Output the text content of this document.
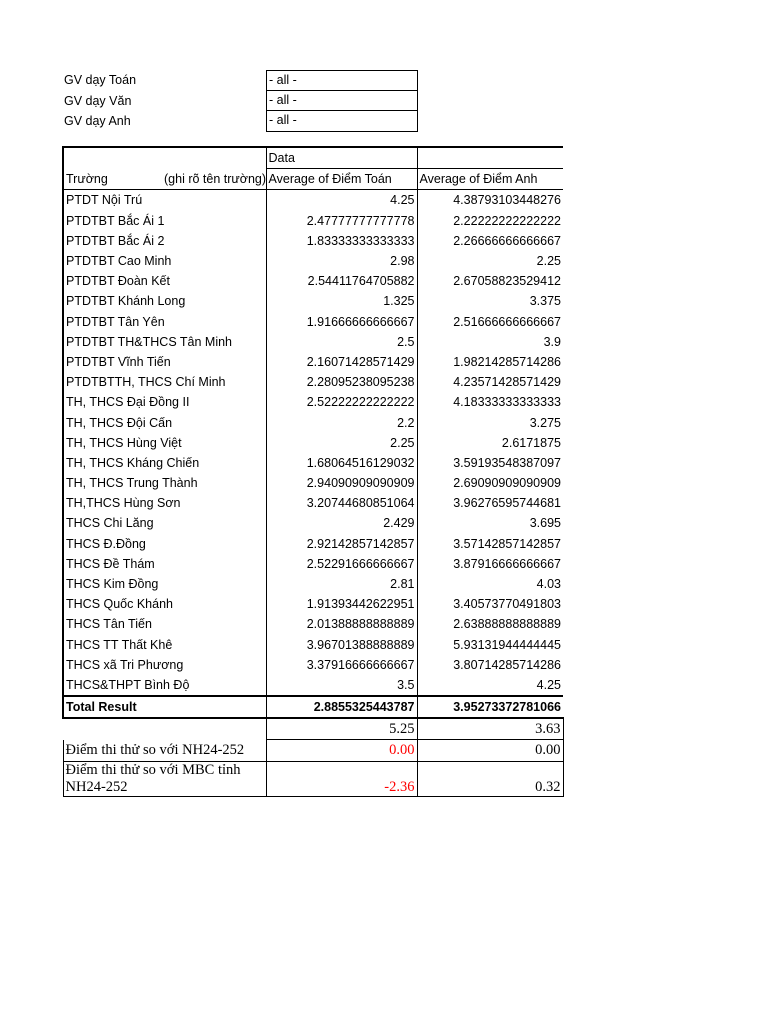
GV dạy Toán	- all -
GV dạy Văn	- all -
GV dạy Anh	- all -
	Data	
Trường (ghi rõ tên trường)	Average of Điểm Toán	Average of Điểm Anh
PTDT Nội Trú	4.25	4.38793103448276
PTDTBT Bắc Ái 1	2.47777777777778	2.22222222222222
PTDTBT Bắc Ái 2	1.83333333333333	2.26666666666667
PTDTBT Cao Minh	2.98	2.25
PTDTBT Đoàn Kết	2.54411764705882	2.67058823529412
PTDTBT Khánh Long	1.325	3.375
PTDTBT Tân Yên	1.91666666666667	2.51666666666667
PTDTBT TH&THCS Tân Minh	2.5	3.9
PTDTBT Vĩnh Tiến	2.16071428571429	1.98214285714286
PTDTBTTH, THCS Chí Minh	2.28095238095238	4.23571428571429
TH, THCS Đại Đồng II	2.52222222222222	4.18333333333333
TH, THCS Đội Cấn	2.2	3.275
TH, THCS Hùng Việt	2.25	2.6171875
TH, THCS Kháng Chiến	1.68064516129032	3.59193548387097
TH, THCS Trung Thành	2.94090909090909	2.69090909090909
TH,THCS Hùng Sơn	3.20744680851064	3.96276595744681
THCS Chi Lăng	2.429	3.695
THCS Đ.Đồng	2.92142857142857	3.57142857142857
THCS Đề Thám	2.52291666666667	3.87916666666667
THCS Kim Đồng	2.81	4.03
THCS Quốc Khánh	1.91393442622951	3.40573770491803
THCS Tân Tiến	2.01388888888889	2.63888888888889
THCS TT Thất Khê	3.96701388888889	5.93131944444445
THCS xã Tri Phương	3.37916666666667	3.80714285714286
THCS&THPT Bình Độ	3.5	4.25
Total Result	2.8855325443787	3.95273372781066
	5.25	3.63
Điểm thi thử so với NH24-252	0.00	0.00

Điểm thi thử so với MBC tỉnh
NH24-252	-2.36	0.32
